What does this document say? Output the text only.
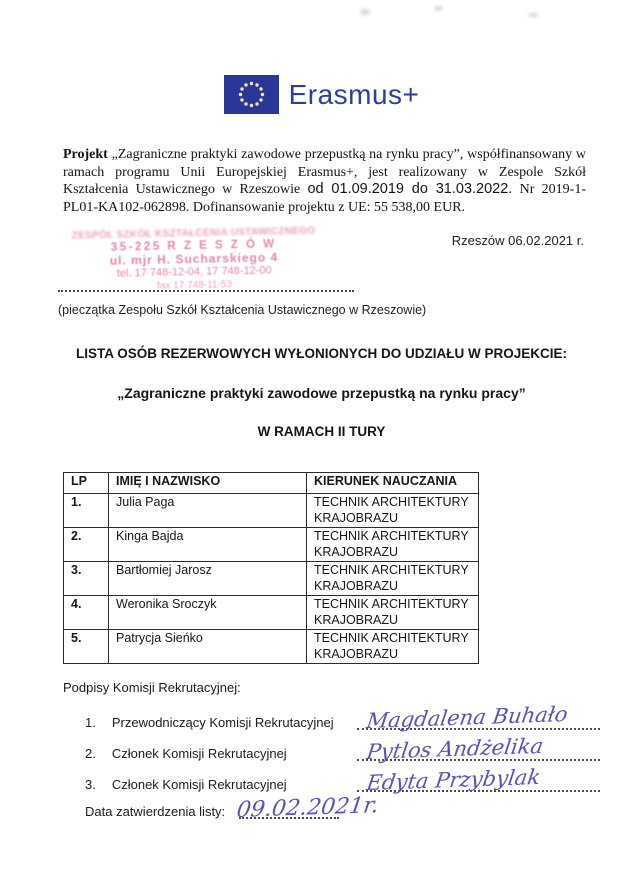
Erasmus+

Projekt „Zagraniczne praktyki zawodowe przepustką na rynku pracy”, współfinansowany w ramach programu Unii Europejskiej Erasmus+, jest realizowany w Zespole Szkół Kształcenia Ustawicznego w Rzeszowie od 01.09.2019 do 31.03.2022. Nr 2019-1-PL01-KA102-062898. Dofinansowanie projektu z UE: 55 538,00 EUR.

ZESPÓŁ SZKÓŁ KSZTAŁCENIA USTAWICZNEGO
35-225 R Z E S Z Ó W
ul. mjr H. Sucharskiego 4
tel. 17 748-12-04, 17 748-12-00
fax 17 748-11-53
Rzeszów 06.02.2021 r.
(pieczątka Zespołu Szkół Kształcenia Ustawicznego w Rzeszowie)
LISTA OSÓB REZERWOWYCH WYŁONIONYCH DO UDZIAŁU W PROJEKCIE:
„Zagraniczne praktyki zawodowe przepustką na rynku pracy”
W RAMACH II TURY
LP	IMIĘ I NAZWISKO	KIERUNEK NAUCZANIA
1.	Julia Paga	TECHNIK ARCHITEKTURY KRAJOBRAZU
2.	Kinga Bajda	TECHNIK ARCHITEKTURY KRAJOBRAZU
3.	Bartłomiej Jarosz	TECHNIK ARCHITEKTURY KRAJOBRAZU
4.	Weronika Sroczyk	TECHNIK ARCHITEKTURY KRAJOBRAZU
5.	Patrycja Sieńko	TECHNIK ARCHITEKTURY KRAJOBRAZU
Podpisy Komisji Rekrutacyjnej:
1. Przewodniczący Komisji Rekrutacyjnej Magdalena Buhało
2. Członek Komisji Rekrutacyjnej	Pytlos Andżelika
3. Członek Komisji Rekrutacyjnej	Edyta Przybylak
Data zatwierdzenia listy: 09.02.2021r.
